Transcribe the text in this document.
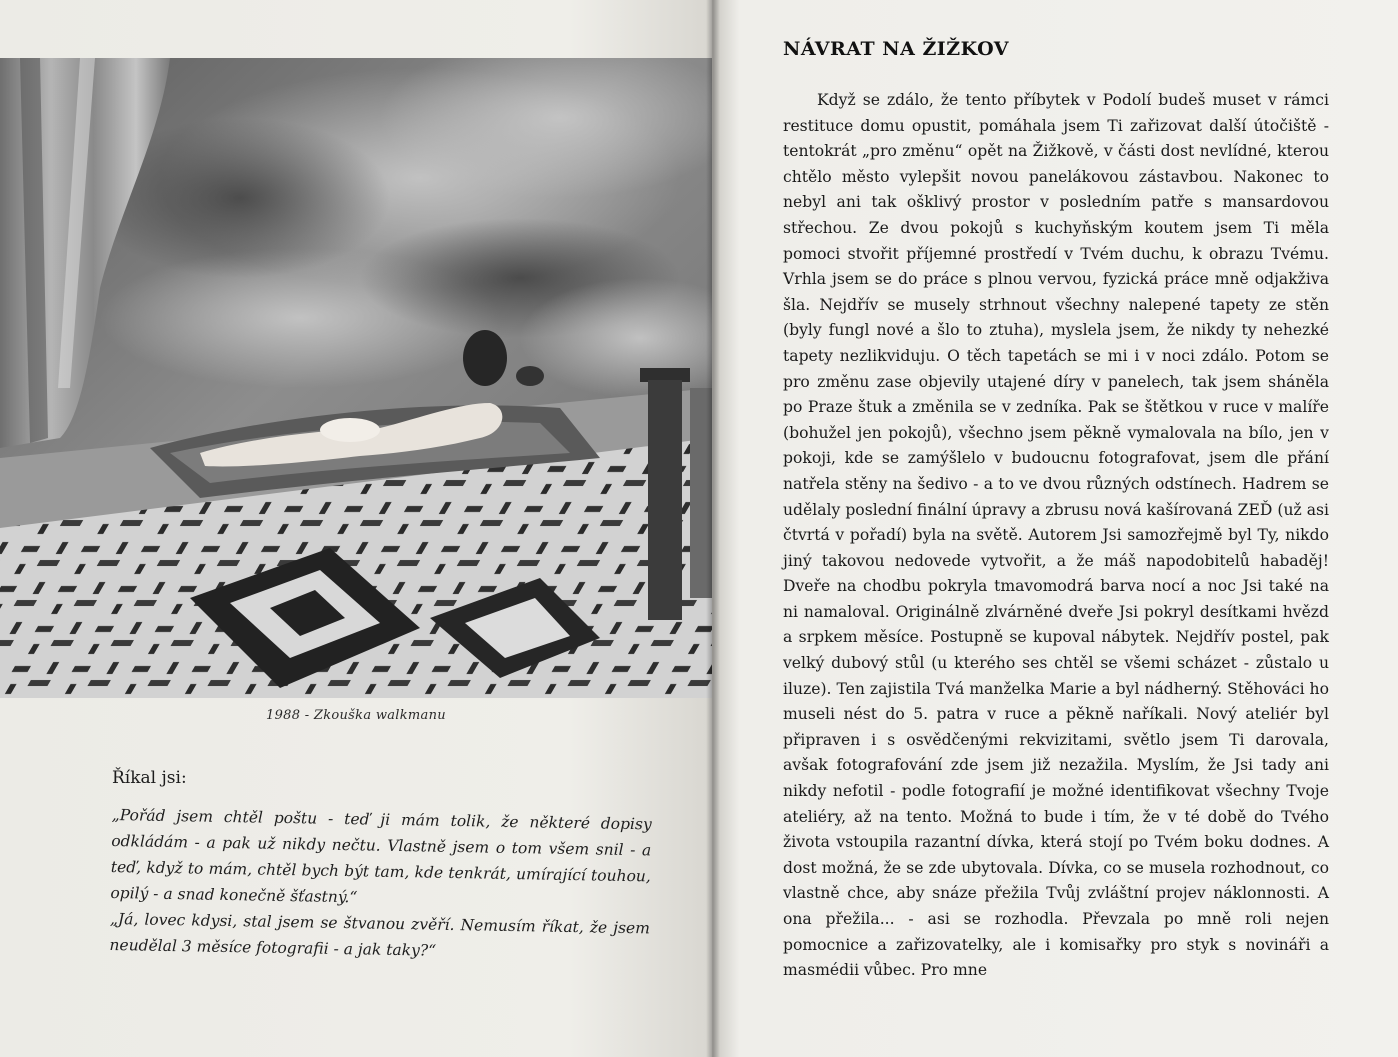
1988 - Zkouška walkmanu
Říkal jsi:

„Pořád jsem chtěl poštu - teď ji mám tolik, že některé dopisy odkládám - a pak už nikdy nečtu. Vlastně jsem o tom všem snil - a teď, když to mám, chtěl bych být tam, kde tenkrát, umírající touhou, opilý - a snad konečně šťastný.“

„Já, lovec kdysi, stal jsem se štvanou zvěří. Nemusím říkat, že jsem neudělal 3 měsíce fotografii - a jak taky?“

NÁVRAT NA ŽIŽKOV

Když se zdálo, že tento příbytek v Podolí budeš muset v rámci restituce domu opustit, pomáhala jsem Ti zařizovat další útočiště - tentokrát „pro změnu“ opět na Žižkově, v části dost nevlídné, kterou chtělo město vylepšit novou panelákovou zástavbou. Nakonec to nebyl ani tak ošklivý prostor v posledním patře s mansardovou střechou. Ze dvou pokojů s kuchyňským koutem jsem Ti měla pomoci stvořit příjemné prostředí v Tvém duchu, k obrazu Tvému. Vrhla jsem se do práce s plnou vervou, fyzická práce mně odjakživa šla. Nejdřív se musely strhnout všechny nalepené tapety ze stěn (byly fungl nové a šlo to ztuha), myslela jsem, že nikdy ty nehezké tapety nezlikviduju. O těch tapetách se mi i v noci zdálo. Potom se pro změnu zase objevily utajené díry v panelech, tak jsem sháněla po Praze štuk a změnila se v zedníka. Pak se štětkou v ruce v malíře (bohužel jen pokojů), všechno jsem pěkně vymalovala na bílo, jen v pokoji, kde se zamýšlelo v budoucnu fotografovat, jsem dle přání natřela stěny na šedivo - a to ve dvou různých odstínech. Hadrem se udělaly poslední finální úpravy a zbrusu nová kašírovaná ZEĎ (už asi čtvrtá v pořadí) byla na světě. Autorem Jsi samozřejmě byl Ty, nikdo jiný takovou nedovede vytvořit, a že máš napodobitelů habaděj! Dveře na chodbu pokryla tmavomodrá barva nocí a noc Jsi také na ni namaloval. Originálně zlvárněné dveře Jsi pokryl desítkami hvězd a srpkem měsíce. Postupně se kupoval nábytek. Nejdřív postel, pak velký dubový stůl (u kterého ses chtěl se všemi scházet - zůstalo u iluze). Ten zajistila Tvá manželka Marie a byl nádherný. Stěhováci ho museli nést do 5. patra v ruce a pěkně naříkali. Nový ateliér byl připraven i s osvědčenými rekvizitami, světlo jsem Ti darovala, avšak fotografování zde jsem již nezažila. Myslím, že Jsi tady ani nikdy nefotil - podle fotografií je možné identifikovat všechny Tvoje ateliéry, až na tento. Možná to bude i tím, že v té době do Tvého života vstoupila razantní dívka, která stojí po Tvém boku dodnes. A dost možná, že se zde ubytovala. Dívka, co se musela rozhodnout, co vlastně chce, aby snáze přežila Tvůj zvláštní projev náklonnosti. A ona přežila... - asi se rozhodla. Převzala po mně roli nejen pomocnice a zařizovatelky, ale i komisařky pro styk s novináři a masmédii vůbec. Pro mne
